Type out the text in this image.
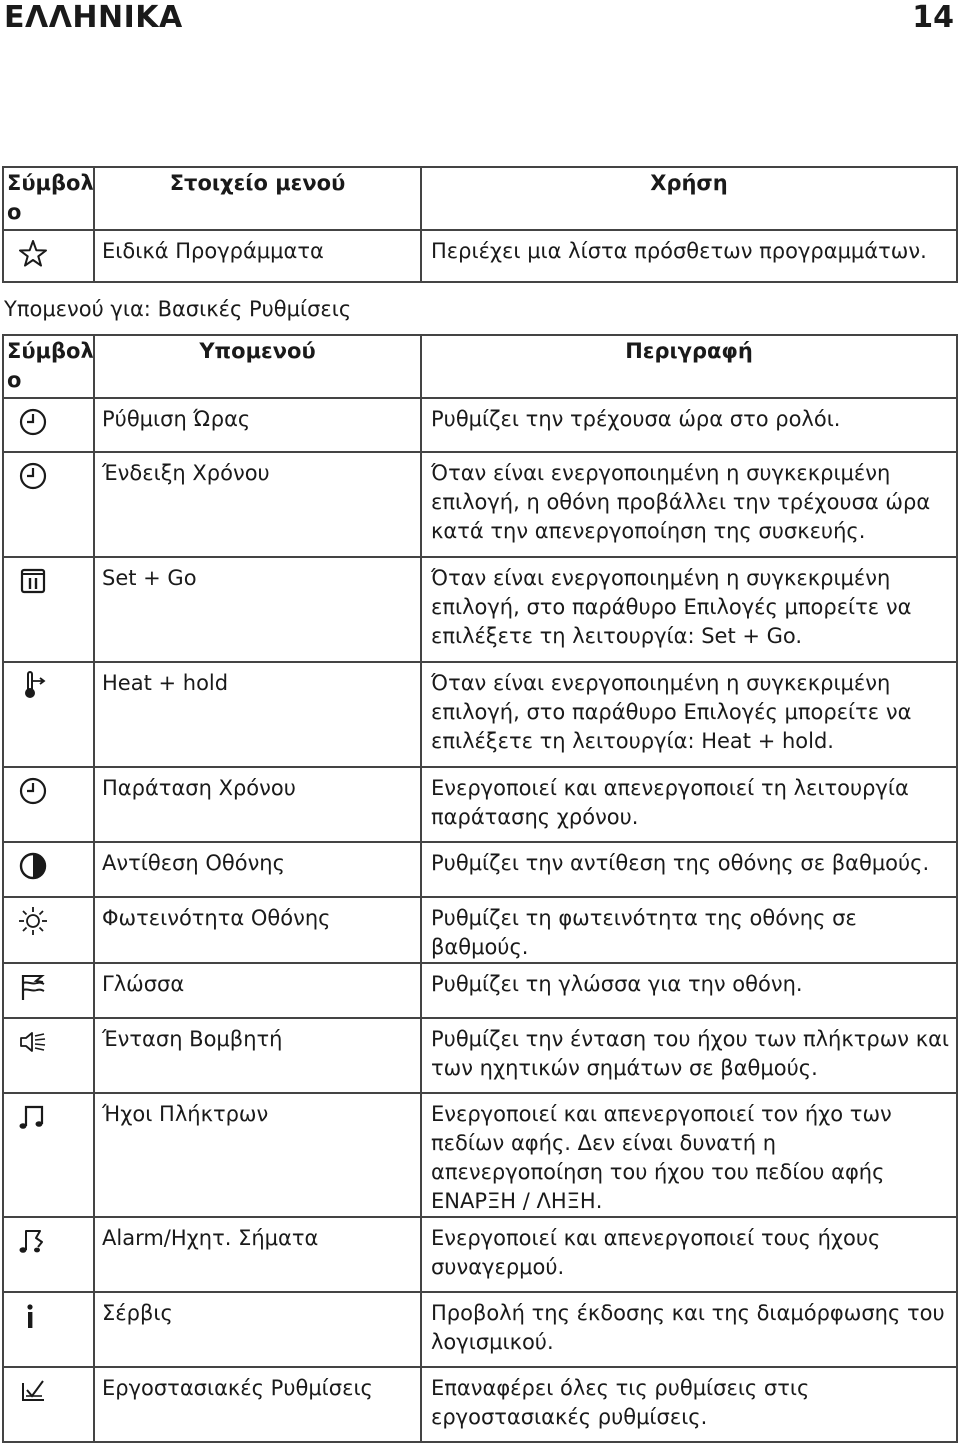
ΕΛΛΗΝΙΚΑ	14
Σύμβολ ο	Στοιχείο μενού	Χρήση

	Ειδικά Προγράμματα	Περιέχει μια λίστα πρόσθετων προγραμμάτων.
Υπομενού για: Βασικές Ρυθμίσεις
Σύμβολ ο	Υπομενού	Περιγραφή

	Ρύθμιση Ώρας	Ρυθμίζει την τρέχουσα ώρα στο ρολόι.

	Ένδειξη Χρόνου	Όταν είναι ενεργοποιημένη η συγκεκριμένη επιλογή, η οθόνη προβάλλει την τρέχουσα ώρα κατά την απενεργοποίηση της συσκευής.

	Set + Go	Όταν είναι ενεργοποιημένη η συγκεκριμένη επιλογή, στο παράθυρο Επιλογές μπορείτε να επιλέξετε τη λειτουργία: Set + Go.

	Heat + hold	Όταν είναι ενεργοποιημένη η συγκεκριμένη επιλογή, στο παράθυρο Επιλογές μπορείτε να επιλέξετε τη λειτουργία: Heat + hold.

	Παράταση Χρόνου	Ενεργοποιεί και απενεργοποιεί τη λειτουργία παράτασης χρόνου.

	Αντίθεση Οθόνης	Ρυθμίζει την αντίθεση της οθόνης σε βαθμούς.

	Φωτεινότητα Οθόνης	Ρυθμίζει τη φωτεινότητα της οθόνης σε βαθμούς.

	Γλώσσα	Ρυθμίζει τη γλώσσα για την οθόνη.

	Ένταση Βομβητή	Ρυθμίζει την ένταση του ήχου των πλήκτρων και των ηχητικών σημάτων σε βαθμούς.

	Ήχοι Πλήκτρων	Ενεργοποιεί και απενεργοποιεί τον ήχο των πεδίων αφής. Δεν είναι δυνατή η απενεργοποίηση του ήχου του πεδίου αφής ΕΝΑΡΞΗ / ΛΗΞΗ.

	Alarm/Ηχητ. Σήματα	Ενεργοποιεί και απενεργοποιεί τους ήχους συναγερμού.

	Σέρβις	Προβολή της έκδοσης και της διαμόρφωσης του λογισμικού.

	Εργοστασιακές Ρυθμίσεις	Επαναφέρει όλες τις ρυθμίσεις στις εργοστασιακές ρυθμίσεις.
